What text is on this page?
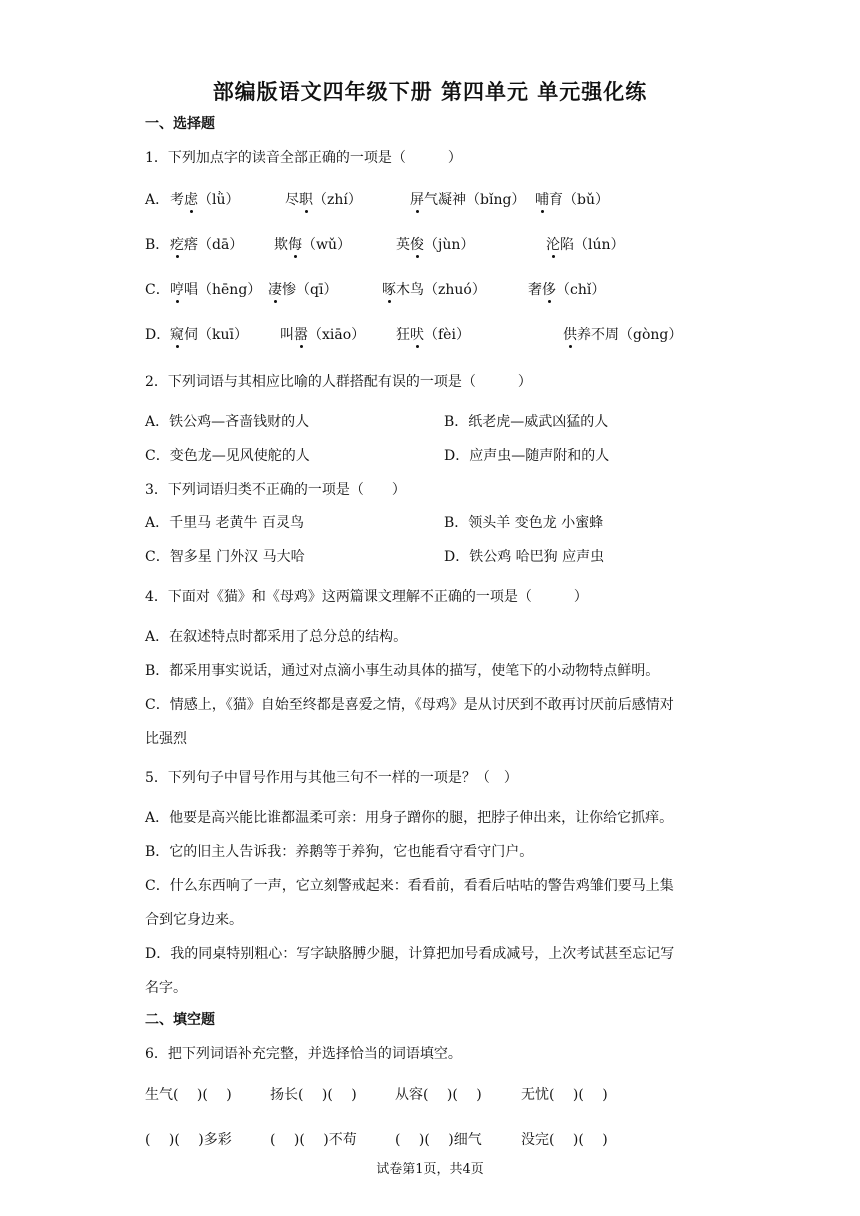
部编版语文四年级下册 第四单元 单元强化练
一、选择题
1．下列加点字的读音全部正确的一项是（　　　）
A． 考虑（lǜ）	尽职（zhí）	屏气凝神（bǐng） 哺育（bǔ）
B． 疙瘩（dā） 欺侮（wǔ）	英俊（jùn）	沦陷（lún）
C． 哼唱（hēng） 凄惨（qī）	啄木鸟（zhuó）	奢侈（chǐ）
D． 窥伺（kuī） 叫嚣（xiāo） 狂吠（fèi）	供养不周（gòng）
2．下列词语与其相应比喻的人群搭配有误的一项是（　　　）
A．铁公鸡—吝啬钱财的人	B．纸老虎—威武凶猛的人
C．变色龙—见风使舵的人	D．应声虫—随声附和的人
3．下列词语归类不正确的一项是（　　）
A．千里马 老黄牛 百灵鸟	B．领头羊 变色龙 小蜜蜂
C．智多星 门外汉 马大哈	D．铁公鸡 哈巴狗 应声虫
4．下面对《猫》和《母鸡》这两篇课文理解不正确的一项是（　　　）
A．在叙述特点时都采用了总分总的结构。
B．都采用事实说话，通过对点滴小事生动具体的描写，使笔下的小动物特点鲜明。
C．情感上，《猫》自始至终都是喜爱之情，《母鸡》是从讨厌到不敢再讨厌前后感情对
比强烈
5．下列句子中冒号作用与其他三句不一样的一项是？（　）
A．他要是高兴能比谁都温柔可亲：用身子蹭你的腿，把脖子伸出来，让你给它抓痒。
B．它的旧主人告诉我：养鹅等于养狗，它也能看守看守门户。
C．什么东西响了一声，它立刻警戒起来：看看前，看看后咕咕的警告鸡雏们要马上集
合到它身边来。
D．我的同桌特别粗心：写字缺胳膊少腿，计算把加号看成减号，上次考试甚至忘记写
名字。
二、填空题
6．把下列词语补充完整，并选择恰当的词语填空。
生气(　 )(　 )	扬长(　 )(　 )	从容(　 )(　 )	无忧(　 )(　 )
(　 )(　 )多彩	(　 )(　 )不苟	(　 )(　 )细气	没完(　 )(　 )
试卷第1页，共4页
